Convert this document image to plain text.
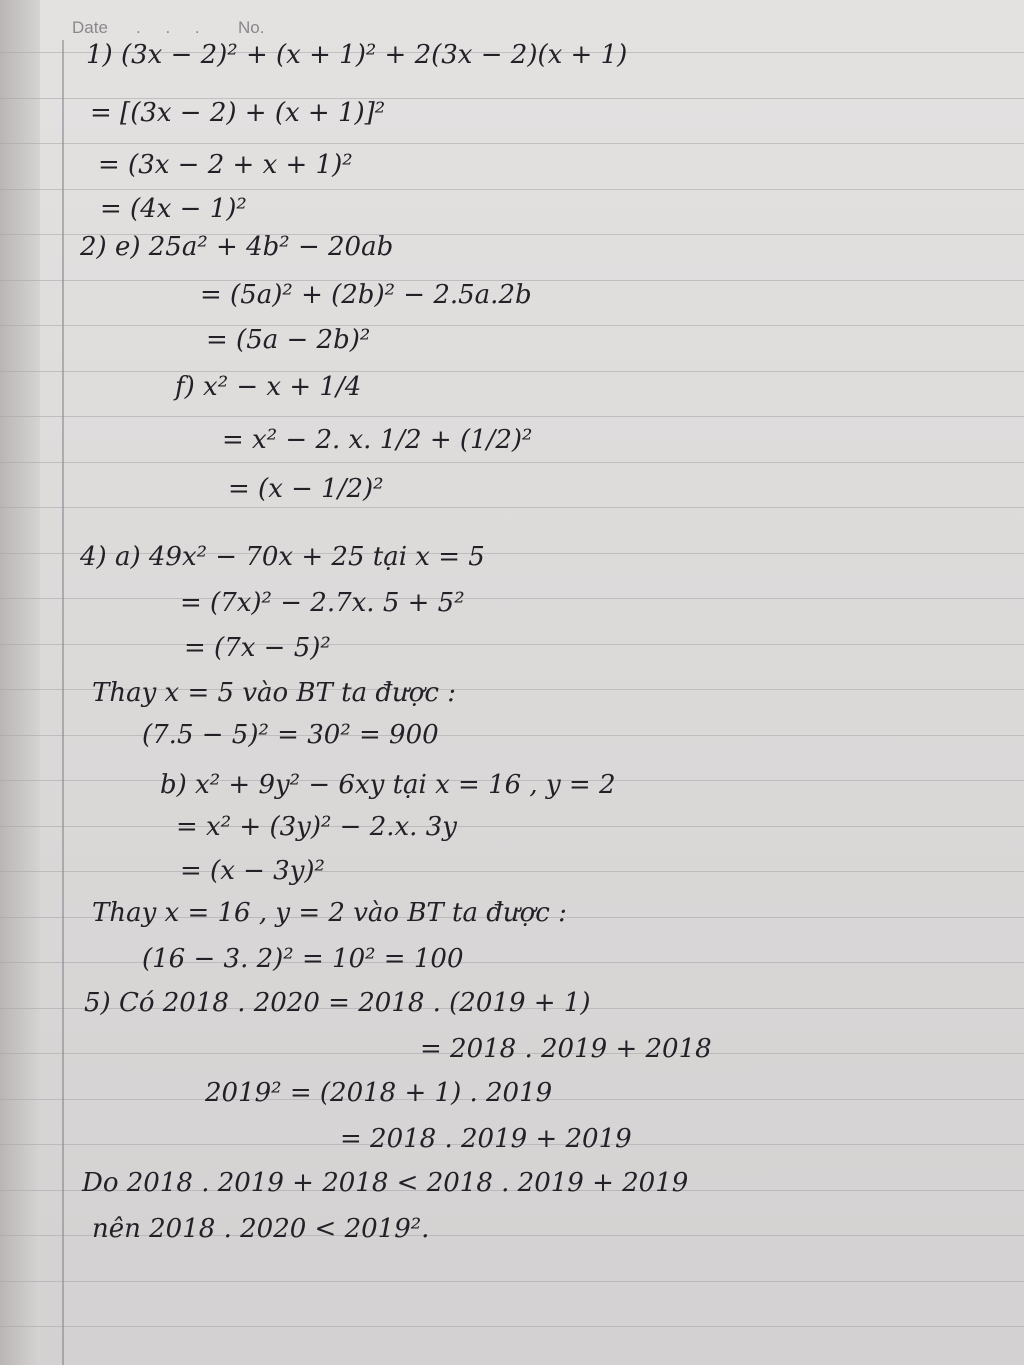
Date . . . No.
1) (3x − 2)² + (x + 1)² + 2(3x − 2)(x + 1)
= [(3x − 2) + (x + 1)]²
= (3x − 2 + x + 1)²
= (4x − 1)²
2) e) 25a² + 4b² − 20ab
= (5a)² + (2b)² − 2.5a.2b
= (5a − 2b)²
f) x² − x + 1/4
= x² − 2. x. 1/2 + (1/2)²
= (x − 1/2)²
4) a) 49x² − 70x + 25 tại x = 5
= (7x)² − 2.7x. 5 + 5²
= (7x − 5)²
Thay x = 5 vào BT ta được :
(7.5 − 5)² = 30² = 900
b) x² + 9y² − 6xy tại x = 16 , y = 2
= x² + (3y)² − 2.x. 3y
= (x − 3y)²
Thay x = 16 , y = 2 vào BT ta được :
(16 − 3. 2)² = 10² = 100
5) Có 2018 . 2020 = 2018 . (2019 + 1)
= 2018 . 2019 + 2018
2019² = (2018 + 1) . 2019
= 2018 . 2019 + 2019
Do 2018 . 2019 + 2018 < 2018 . 2019 + 2019
nên 2018 . 2020 < 2019².
